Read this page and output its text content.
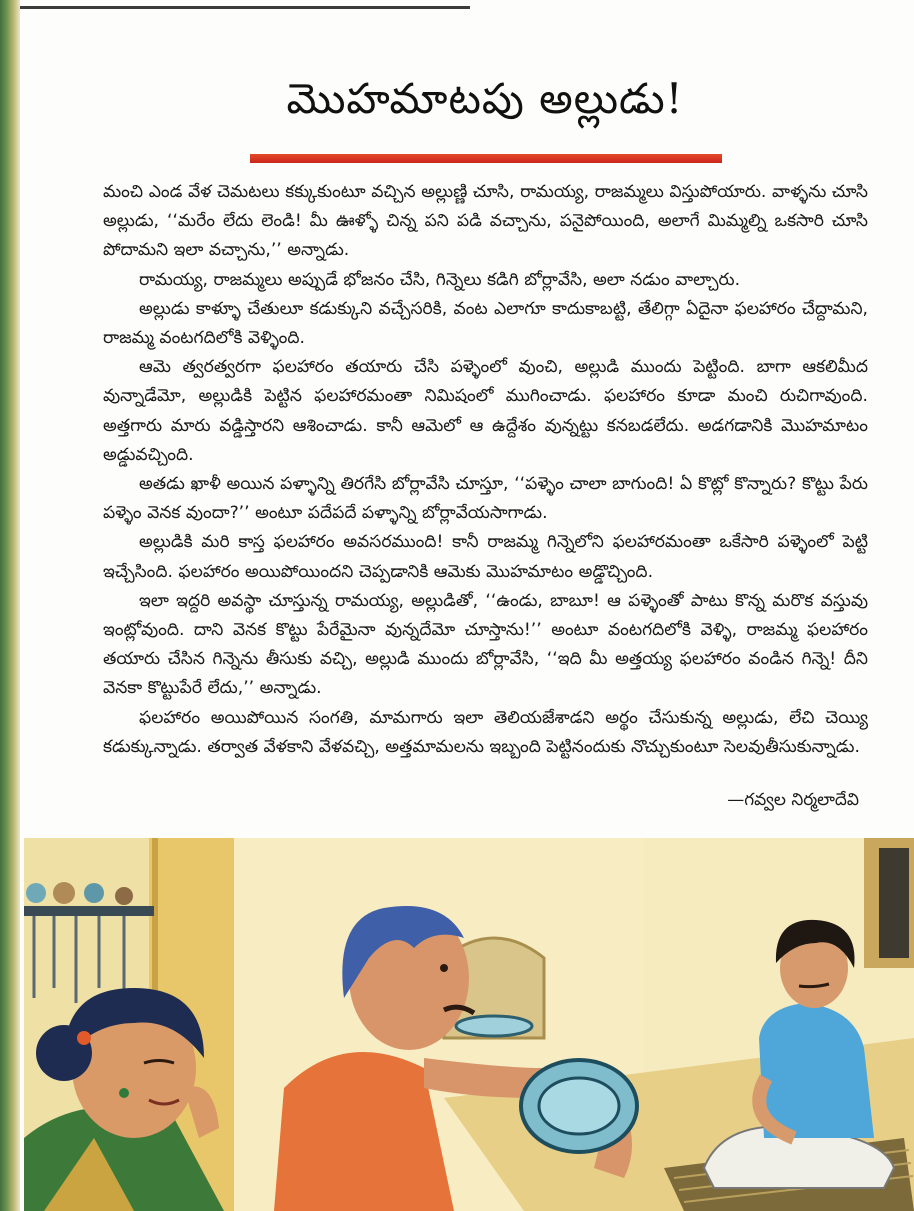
మొహమాటపు అల్లుడు!

మంచి ఎండ వేళ చెమటలు కక్కుకుంటూ వచ్చిన అల్లుణ్ణి చూసి, రామయ్య, రాజమ్మలు విస్తుపోయారు. వాళ్ళను చూసి అల్లుడు, ‘‘మరేం లేదు లెండి! మీ ఊళ్ళో చిన్న పని పడి వచ్చాను, పనైపోయింది, అలాగే మిమ్మల్ని ఒకసారి చూసి పోదామని ఇలా వచ్చాను,’’ అన్నాడు.

రామయ్య, రాజమ్మలు అప్పుడే భోజనం చేసి, గిన్నెలు కడిగి బోర్లావేసి, అలా నడుం వాల్చారు.

అల్లుడు కాళ్ళూ చేతులూ కడుక్కుని వచ్చేసరికి, వంట ఎలాగూ కాదుకాబట్టి, తేలిగ్గా ఏదైనా ఫలహారం చేద్దామని, రాజమ్మ వంటగదిలోకి వెళ్ళింది.

ఆమె త్వరత్వరగా ఫలహారం తయారు చేసి పళ్ళెంలో వుంచి, అల్లుడి ముందు పెట్టింది. బాగా ఆకలిమీద వున్నాడేమో, అల్లుడికి పెట్టిన ఫలహారమంతా నిమిషంలో ముగించాడు. ఫలహారం కూడా మంచి రుచిగావుంది. అత్తగారు మారు వడ్డిస్తారని ఆశించాడు. కానీ ఆమెలో ఆ ఉద్దేశం వున్నట్టు కనబడలేదు. అడగడానికి మొహమాటం అడ్డువచ్చింది.

అతడు ఖాళీ అయిన పళ్ళాన్ని తిరగేసి బోర్లావేసి చూస్తూ, ‘‘పళ్ళెం చాలా బాగుంది! ఏ కొట్లో కొన్నారు? కొట్టు పేరు పళ్ళెం వెనక వుందా?’’ అంటూ పదేపదే పళ్ళాన్ని బోర్లావేయసాగాడు.

అల్లుడికి మరి కాస్త ఫలహారం అవసరముంది! కానీ రాజమ్మ గిన్నెలోని ఫలహారమంతా ఒకేసారి పళ్ళెంలో పెట్టి ఇచ్చేసింది. ఫలహారం అయిపోయిందని చెప్పడానికి ఆమెకు మొహమాటం అడ్డొచ్చింది.

ఇలా ఇద్దరి అవస్థా చూస్తున్న రామయ్య, అల్లుడితో, ‘‘ఉండు, బాబూ! ఆ పళ్ళెంతో పాటు కొన్న మరొక వస్తువు ఇంట్లోవుంది. దాని వెనక కొట్టు పేరేమైనా వున్నదేమో చూస్తాను!’’ అంటూ వంటగదిలోకి వెళ్ళి, రాజమ్మ ఫలహారం తయారు చేసిన గిన్నెను తీసుకు వచ్చి, అల్లుడి ముందు బోర్లావేసి, ‘‘ఇది మీ అత్తయ్య ఫలహారం వండిన గిన్నె! దీని వెనకా కొట్టుపేరే లేదు,’’ అన్నాడు.

ఫలహారం అయిపోయిన సంగతి, మామగారు ఇలా తెలియజేశాడని అర్థం చేసుకున్న అల్లుడు, లేచి చెయ్యి కడుక్కున్నాడు. తర్వాత వేళకాని వేళవచ్చి, అత్తమామలను ఇబ్బంది పెట్టినందుకు నొచ్చుకుంటూ సెలవుతీసుకున్నాడు.

—గవ్వల నిర్మలాదేవి
